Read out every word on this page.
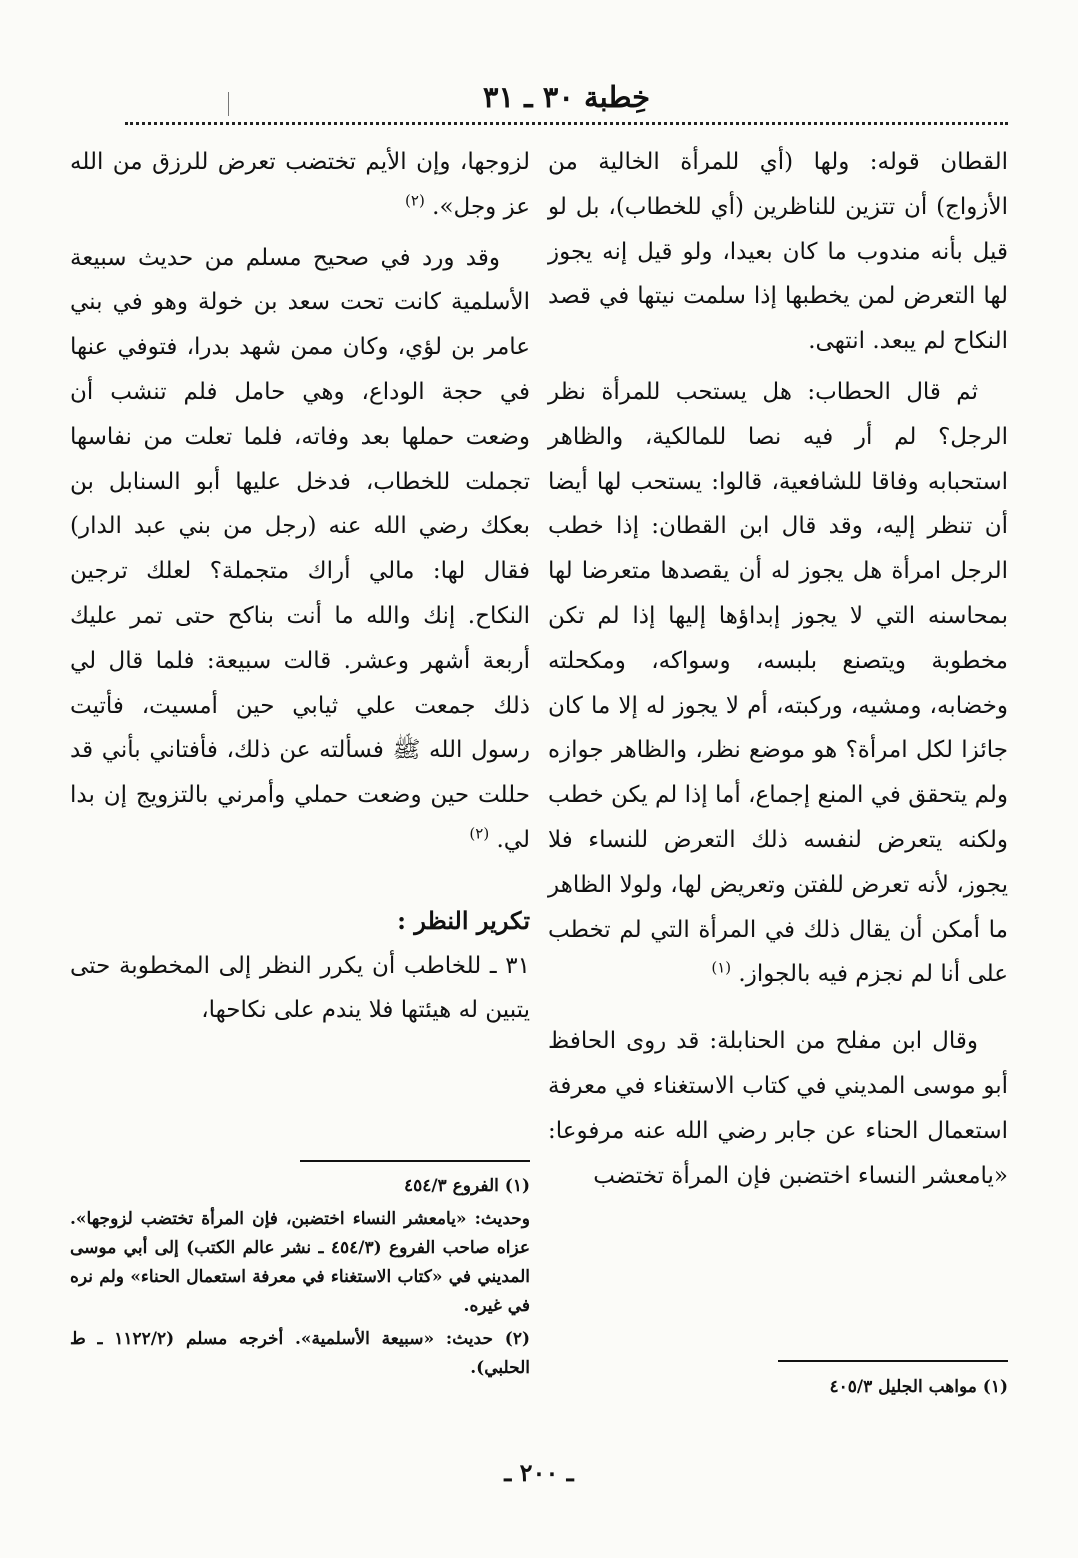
خِطبة ٣٠ ـ ٣١

القطان قوله: ولها (أي للمرأة الخالية من الأزواج) أن تتزين للناظرين (أي للخطاب)، بل لو قيل بأنه مندوب ما كان بعيدا، ولو قيل إنه يجوز لها التعرض لمن يخطبها إذا سلمت نيتها في قصد النكاح لم يبعد. انتهى.

ثم قال الحطاب: هل يستحب للمرأة نظر الرجل؟ لم أر فيه نصا للمالكية، والظاهر استحبابه وفاقا للشافعية، قالوا: يستحب لها أيضا أن تنظر إليه، وقد قال ابن القطان: إذا خطب الرجل امرأة هل يجوز له أن يقصدها متعرضا لها بمحاسنه التي لا يجوز إبداؤها إليها إذا لم تكن مخطوبة ويتصنع بلبسه، وسواكه، ومكحلته وخضابه، ومشيه، وركبته، أم لا يجوز له إلا ما كان جائزا لكل امرأة؟ هو موضع نظر، والظاهر جوازه ولم يتحقق في المنع إجماع، أما إذا لم يكن خطب ولكنه يتعرض لنفسه ذلك التعرض للنساء فلا يجوز، لأنه تعرض للفتن وتعريض لها، ولولا الظاهر ما أمكن أن يقال ذلك في المرأة التي لم تخطب على أنا لم نجزم فيه بالجواز. $^{(١)}$

وقال ابن مفلح من الحنابلة: قد روى الحافظ أبو موسى المديني في كتاب الاستغناء في معرفة استعمال الحناء عن جابر رضي الله عنه مرفوعا: «يامعشر النساء اختضبن فإن المرأة تختضب

لزوجها، وإن الأيم تختضب تعرض للرزق من الله عز وجل». $^{(٢)}$

وقد ورد في صحيح مسلم من حديث سبيعة الأسلمية كانت تحت سعد بن خولة وهو في بني عامر بن لؤي، وكان ممن شهد بدرا، فتوفي عنها في حجة الوداع، وهي حامل فلم تنشب أن وضعت حملها بعد وفاته، فلما تعلت من نفاسها تجملت للخطاب، فدخل عليها أبو السنابل بن بعكك رضي الله عنه (رجل من بني عبد الدار) فقال لها: مالي أراك متجملة؟ لعلك ترجين النكاح. إنك والله ما أنت بناكح حتى تمر عليك أربعة أشهر وعشر. قالت سبيعة: فلما قال لي ذلك جمعت علي ثيابي حين أمسيت، فأتيت رسول الله ﷺ فسألته عن ذلك، فأفتاني بأني قد حللت حين وضعت حملي وأمرني بالتزويج إن بدا لي. $^{(٢)}$

تكرير النظر :

٣١ ـ للخاطب أن يكرر النظر إلى المخطوبة حتى يتبين له هيئتها فلا يندم على نكاحها،

(١) مواهب الجليل ٤٠٥/٣

(١) الفروع ٤٥٤/٣

وحديث: «يامعشر النساء اختضبن، فإن المرأة تختضب لزوجها». عزاه صاحب الفروع (٤٥٤/٣ ـ نشر عالم الكتب) إلى أبي موسى المديني في «كتاب الاستغناء في معرفة استعمال الحناء» ولم نره في غيره.

(٢) حديث: «سبيعة الأسلمية». أخرجه مسلم (١١٢٢/٢ ـ ط الحلبي).

ـ ٢٠٠ ـ
